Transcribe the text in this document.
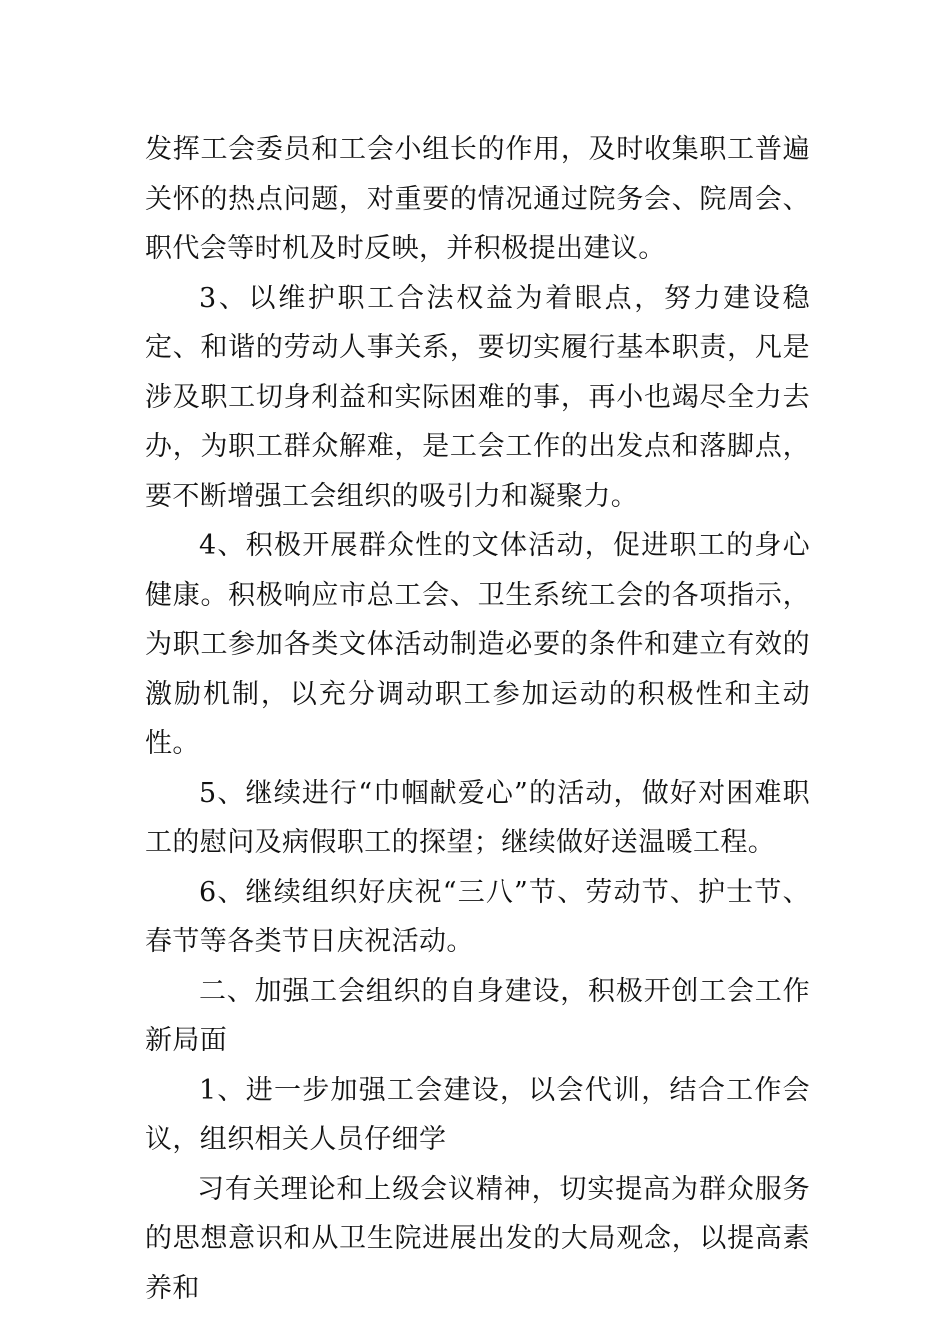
发挥工会委员和工会小组长的作用，及时收集职工普遍关怀的热点问题，对重要的情况通过院务会、院周会、职代会等时机及时反映，并积极提出建议。

3、以维护职工合法权益为着眼点，努力建设稳定、和谐的劳动人事关系，要切实履行基本职责，凡是涉及职工切身利益和实际困难的事，再小也竭尽全力去办，为职工群众解难，是工会工作的出发点和落脚点，要不断增强工会组织的吸引力和凝聚力。

4、积极开展群众性的文体活动，促进职工的身心健康。积极响应市总工会、卫生系统工会的各项指示，为职工参加各类文体活动制造必要的条件和建立有效的激励机制，以充分调动职工参加运动的积极性和主动性。

5、继续进行“巾帼献爱心”的活动，做好对困难职工的慰问及病假职工的探望；继续做好送温暖工程。

6、继续组织好庆祝“三八”节、劳动节、护士节、春节等各类节日庆祝活动。

二、加强工会组织的自身建设，积极开创工会工作新局面

1、进一步加强工会建设，以会代训，结合工作会议，组织相关人员仔细学

习有关理论和上级会议精神，切实提高为群众服务的思想意识和从卫生院进展出发的大局观念，以提高素养和
